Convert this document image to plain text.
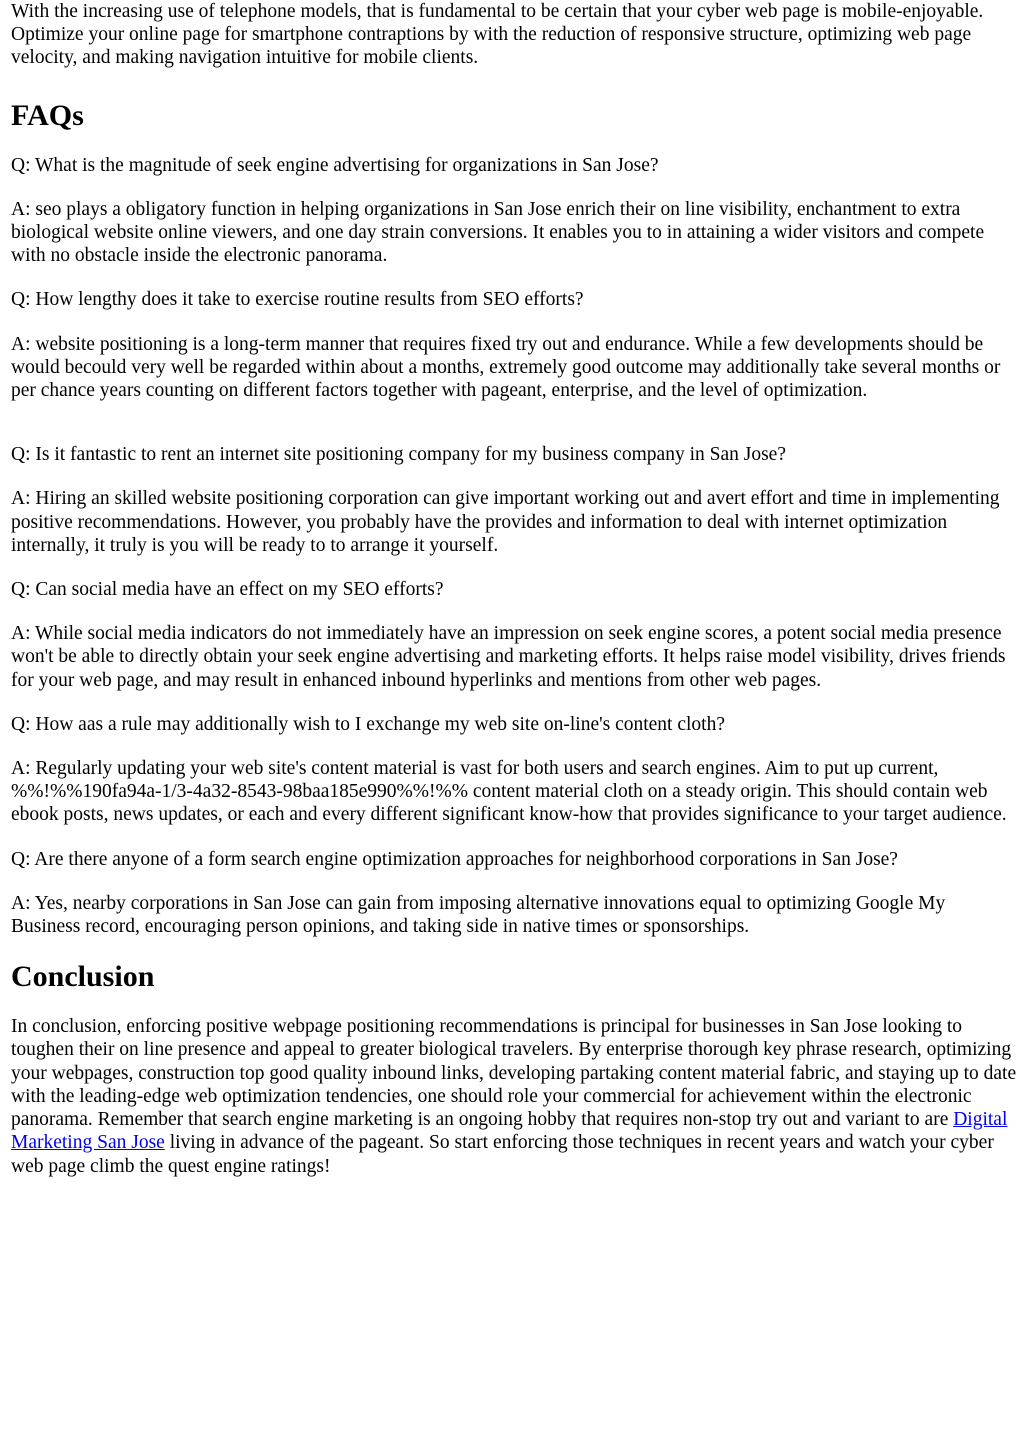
With the increasing use of telephone models, that is fundamental to be certain that your cyber web page is mobile-enjoyable. Optimize your online page for smartphone contraptions by with the reduction of responsive structure, optimizing web page velocity, and making navigation intuitive for mobile clients.

FAQs

Q: What is the magnitude of seek engine advertising for organizations in San Jose?

A: seo plays a obligatory function in helping organizations in San Jose enrich their on line visibility, enchantment to extra biological website online viewers, and one day strain conversions. It enables you to in attaining a wider visitors and compete with no obstacle inside the electronic panorama.

Q: How lengthy does it take to exercise routine results from SEO efforts?

A: website positioning is a long-term manner that requires fixed try out and endurance. While a few developments should be would becould very well be regarded within about a months, extremely good outcome may additionally take several months or per chance years counting on different factors together with pageant, enterprise, and the level of optimization.

Q: Is it fantastic to rent an internet site positioning company for my business company in San Jose?

A: Hiring an skilled website positioning corporation can give important working out and avert effort and time in implementing positive recommendations. However, you probably have the provides and information to deal with internet optimization internally, it truly is you will be ready to to arrange it yourself.

Q: Can social media have an effect on my SEO efforts?

A: While social media indicators do not immediately have an impression on seek engine scores, a potent social media presence won't be able to directly obtain your seek engine advertising and marketing efforts. It helps raise model visibility, drives friends for your web page, and may result in enhanced inbound hyperlinks and mentions from other web pages.

Q: How aas a rule may additionally wish to I exchange my web site on-line's content cloth?

A: Regularly updating your web site's content material is vast for both users and search engines. Aim to put up current, %%!%%190fa94a-1/3-4a32-8543-98baa185e990%%!%% content material cloth on a steady origin. This should contain web ebook posts, news updates, or each and every different significant know-how that provides significance to your target audience.

Q: Are there anyone of a form search engine optimization approaches for neighborhood corporations in San Jose?

A: Yes, nearby corporations in San Jose can gain from imposing alternative innovations equal to optimizing Google My Business record, encouraging person opinions, and taking side in native times or sponsorships.

Conclusion

In conclusion, enforcing positive webpage positioning recommendations is principal for businesses in San Jose looking to toughen their on line presence and appeal to greater biological travelers. By enterprise thorough key phrase research, optimizing your webpages, construction top good quality inbound links, developing partaking content material fabric, and staying up to date with the leading-edge web optimization tendencies, one should role your commercial for achievement within the electronic panorama. Remember that search engine marketing is an ongoing hobby that requires non-stop try out and variant to are Digital Marketing San Jose living in advance of the pageant. So start enforcing those techniques in recent years and watch your cyber web page climb the quest engine ratings!
